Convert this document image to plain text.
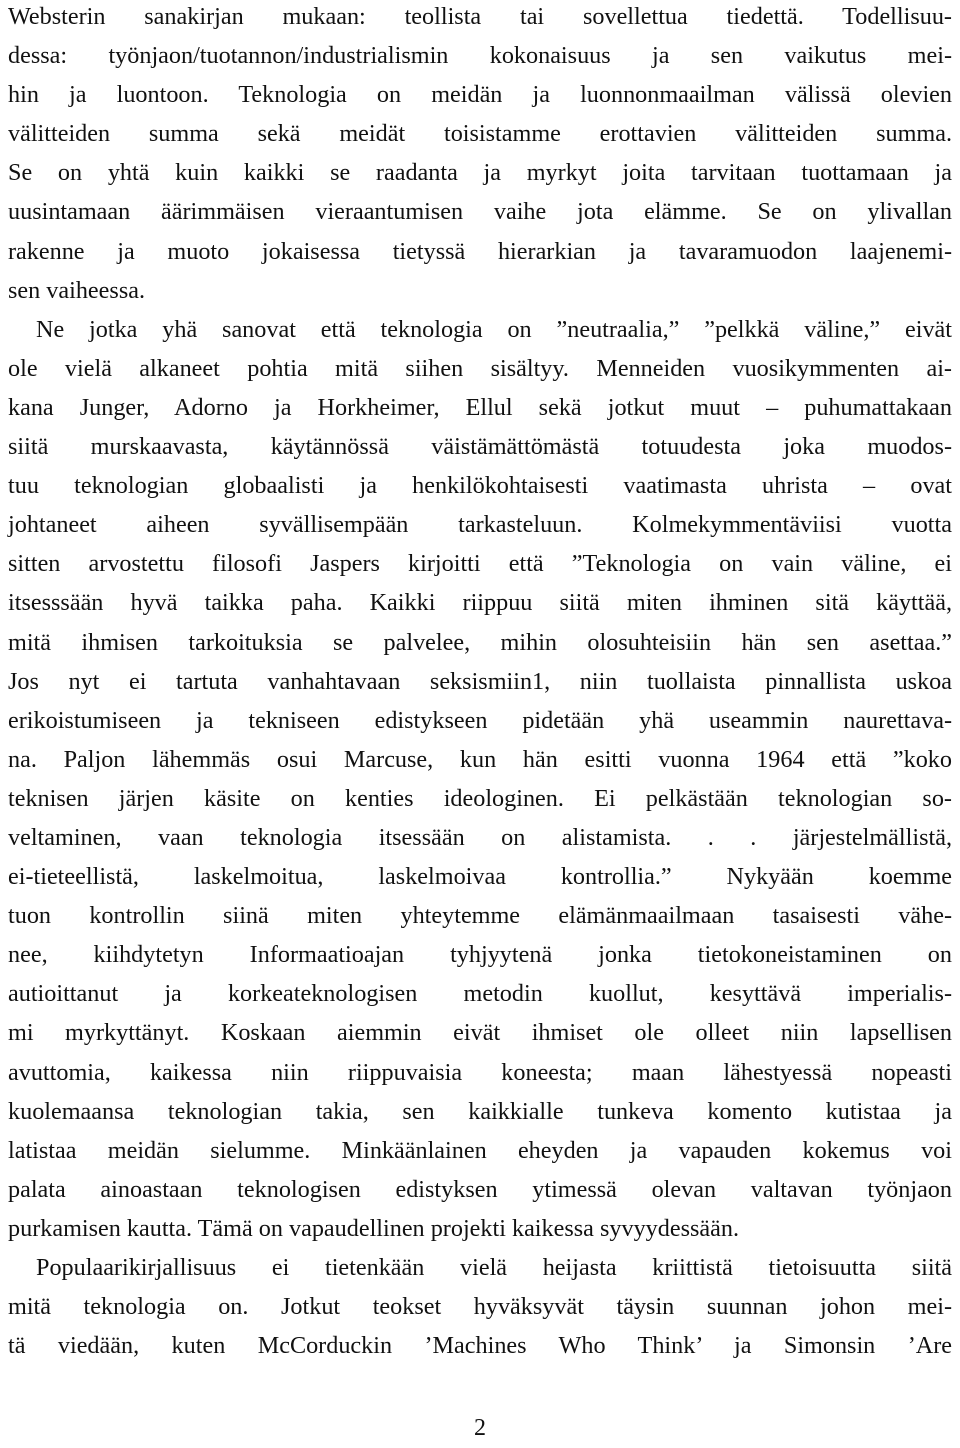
Websterin sanakirjan mukaan: teollista tai sovellettua tiedettä. Todellisuu-
dessa: työnjaon/tuotannon/industrialismin kokonaisuus ja sen vaikutus mei-
hin ja luontoon. Teknologia on meidän ja luonnonmaailman välissä olevien
välitteiden summa sekä meidät toisistamme erottavien välitteiden summa.
Se on yhtä kuin kaikki se raadanta ja myrkyt joita tarvitaan tuottamaan ja
uusintamaan äärimmäisen vieraantumisen vaihe jota elämme. Se on ylivallan
rakenne ja muoto jokaisessa tietyssä hierarkian ja tavaramuodon laajenemi-
sen vaiheessa.
Ne jotka yhä sanovat että teknologia on ”neutraalia,” ”pelkkä väline,” eivät
ole vielä alkaneet pohtia mitä siihen sisältyy. Menneiden vuosikymmenten ai-
kana Junger, Adorno ja Horkheimer, Ellul sekä jotkut muut – puhumattakaan
siitä murskaavasta, käytännössä väistämättömästä totuudesta joka muodos-
tuu teknologian globaalisti ja henkilökohtaisesti vaatimasta uhrista – ovat
johtaneet aiheen syvällisempään tarkasteluun. Kolmekymmentäviisi vuotta
sitten arvostettu filosofi Jaspers kirjoitti että ”Teknologia on vain väline, ei
itsesssään hyvä taikka paha. Kaikki riippuu siitä miten ihminen sitä käyttää,
mitä ihmisen tarkoituksia se palvelee, mihin olosuhteisiin hän sen asettaa.”
Jos nyt ei tartuta vanhahtavaan seksismiin1, niin tuollaista pinnallista uskoa
erikoistumiseen ja tekniseen edistykseen pidetään yhä useammin naurettava-
na. Paljon lähemmäs osui Marcuse, kun hän esitti vuonna 1964 että ”koko
teknisen järjen käsite on kenties ideologinen. Ei pelkästään teknologian so-
veltaminen, vaan teknologia itsessään on alistamista. . . järjestelmällistä,
ei-tieteellistä, laskelmoitua, laskelmoivaa kontrollia.” Nykyään koemme
tuon kontrollin siinä miten yhteytemme elämänmaailmaan tasaisesti vähe-
nee, kiihdytetyn Informaatioajan tyhjyytenä jonka tietokoneistaminen on
autioittanut ja korkeateknologisen metodin kuollut, kesyttävä imperialis-
mi myrkyttänyt. Koskaan aiemmin eivät ihmiset ole olleet niin lapsellisen
avuttomia, kaikessa niin riippuvaisia koneesta; maan lähestyessä nopeasti
kuolemaansa teknologian takia, sen kaikkialle tunkeva komento kutistaa ja
latistaa meidän sielumme. Minkäänlainen eheyden ja vapauden kokemus voi
palata ainoastaan teknologisen edistyksen ytimessä olevan valtavan työnjaon
purkamisen kautta. Tämä on vapaudellinen projekti kaikessa syvyydessään.
Populaarikirjallisuus ei tietenkään vielä heijasta kriittistä tietoisuutta siitä
mitä teknologia on. Jotkut teokset hyväksyvät täysin suunnan johon mei-
tä viedään, kuten McCorduckin ’Machines Who Think’ ja Simonsin ’Are
2
